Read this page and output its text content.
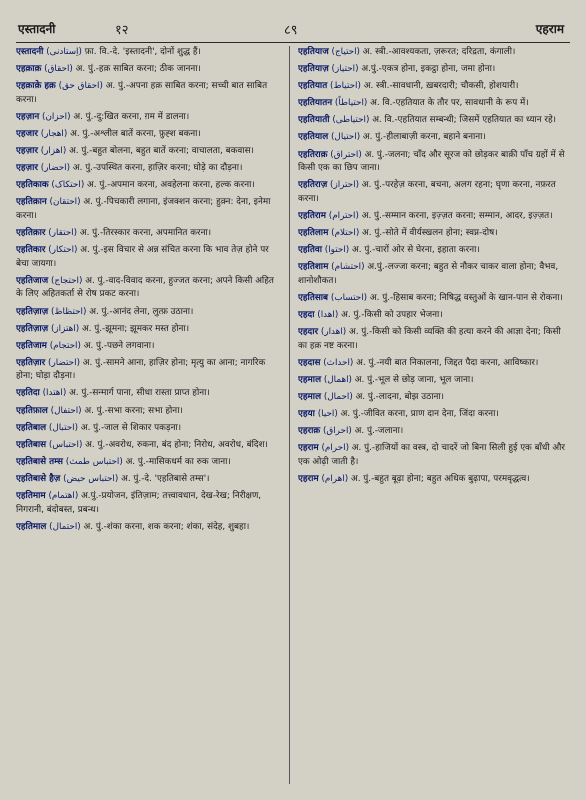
एस्तादनी	१२	८९	एहराम

एस्तादनी (اِستادنی) फ़ा. वि.-दे. 'इस्तादनी', दोनों शुद्ध हैं।

एहक़ाक़ (احقاق) अ. पुं.-हक़ साबित करना; ठीक जानना।

एहक़ाक़े हक़ (احقاق حق) अ. पुं.-अपना हक़ साबित करना; सच्ची बात साबित करना।

एहज़ान (احزان) अ. पुं.-दु:खित करना, ग़म में डालना।

एहजार (اھجار) अ. पुं.-अश्लील बातें करना, फ़ुह्श बकना।

एहज़ार (اھزار) अ. पुं.-बहुत बोलना, बहुत बातें करना; वाचालता, बकवास।

एहज़ार (احضار) अ. पुं.-उपस्थित करना, हाज़िर करना; घोड़े का दौड़ना।

एहतिकाक (احتکاک) अ. पुं.-अपमान करना, अवहेलना करना, हल्क करना।

एहतिक़ान (احتقان) अ. पुं.-पिचकारी लगाना, इंजक्शन करना; हुक़्न: देना, इनेमा करना।

एहतिक़ार (احتقار) अ. पुं.-तिरस्कार करना, अपमानित करना।

एहतिकार (احتکار) अ. पुं.-इस विचार से अन्न संचित करना कि भाव तेज़ होने पर बेचा जायगा।

एहतिजाज (احتجاج) अ. पुं.-वाद-विवाद करना, हुज्जत करना; अपने किसी अहित के लिए अहितकर्ता से रोष प्रकट करना।

एहतिज़ाज़ (احتظاظ) अ. पुं.-आनंद लेना, लुत्फ़ उठाना।

एहतिज़ाज़ (اھتزاز) अ. पुं.-झूमना; झूमकर मस्त होना।

एहतिजाम (احتجام) अ. पुं.-पछने लगवाना।

एहतिज़ार (احتضار) अ. पुं.-सामने आना, हाज़िर होना; मृत्यु का आना; नागरिक होना; घोड़ा दौड़ना।

एहतिदा (اھتدا) अ. पुं.-सन्मार्ग पाना, सीधा रास्ता प्राप्त होना।

एहतिफ़ाल (احتفال) अ. पुं.-सभा करना; सभा होना।

एहतिबाल (احتبال) अ. पुं.-जाल से शिकार पकड़ना।

एहतिबास (احتباس) अ. पुं.-अवरोध, रुकना, बंद होना; निरोध, अवरोध, बंदिश।

एहतिबासे तम्स (احتباس طمث) अ. पुं.-मासिकधर्म का रुक जाना।

एहतिबासे हैज़ (احتباس حیض) अ. पुं.-दे. 'एहतिबासे तम्स'।

एहतिमाम (اھتمام) अ.पुं.-प्रयोजन, इंतिज़ाम; तत्त्वावधान, देख-रेख; निरीक्षण, निगरानी, बंदोबस्त, प्रबन्ध।

एहतिमाल (احتمال) अ. पुं.-शंका करना, शक करना; शंका, संदेह, शुबहा।

एहतियाज (احتیاج) अ. स्त्री.-आवश्यकता, ज़रूरत; दरिद्रता, कंगाली।

एहतियाज़ (احتیاز) अ.पुं.-एकत्र होना, इकट्ठा होना, जमा होना।

एहतियात (احتیاط) अ. स्त्री.-सावधानी, ख़बरदारी; चौकसी, होशयारी।

एहतियातन (احتیاطاً) अ. वि.-एहतियात के तौर पर, सावधानी के रूप में।

एहतियाती (احتیاطی) अ. वि.-एहतियात सम्बन्धी; जिसमें एहतियात का ध्यान रहे।

एहतियाल (احتیال) अ. पुं.-हीलाबाज़ी करना, बहाने बनाना।

एहतिराक़ (احتراق) अ. पुं.-जलना; चाँद और सूरज को छोड़कर बाक़ी पाँच ग्रहों में से किसी एक का छिप जाना।

एहतिराज़ (احتراز) अ. पुं.-परहेज़ करना, बचना, अलग रहना; घृणा करना, नफ़रत करना।

एहतिराम (احترام) अ. पुं.-सम्मान करना, इज़्ज़त करना; सम्मान, आदर, इज़्ज़त।

एहतिलाम (احتلام) अ. पुं.-सोते में वीर्यस्खलन होना; स्वप्न-दोष।

एहतिवा (احتوا) अ. पुं.-चारों ओर से घेरना, इहाता करना।

एहतिशाम (احتشام) अ.पुं.-लज्जा करना; बहुत से नौकर चाकर वाला होना; वैभव, शानोशौकत।

एहतिसाब (احتساب) अ. पुं.-हिसाब करना; निषिद्ध वस्तुओं के खान-पान से रोकना।

एहदा (اھدا) अ. पुं.-किसी को उपहार भेजना।

एहदार (اھدار) अ. पुं.-किसी को किसी व्यक्ति की हत्या करने की आज्ञा देना; किसी का हक़ नष्ट करना।

एहदास (احداث) अ. पुं.-नयी बात निकालना, जिद्दत पैदा करना, आविष्कार।

एहमाल (اھمال) अ. पुं.-भूल से छोड़ जाना, भूल जाना।

एहमाल (احمال) अ. पुं.-लादना, बोझ उठाना।

एहया (احیا) अ. पुं.-जीवित करना, प्राण दान देना, जिंदा करना।

एहराक़ (احراق) अ. पुं.-जलाना।

एहराम (احرام) अ. पुं.-हाजियों का वस्त्र, दो चादरें जो बिना सिली हुई एक बाँधी और एक ओढ़ी जाती है।

एहराम (اھرام) अ. पुं.-बहुत बूढ़ा होना; बहुत अधिक बुढ़ापा, परमवृद्धत्व।
